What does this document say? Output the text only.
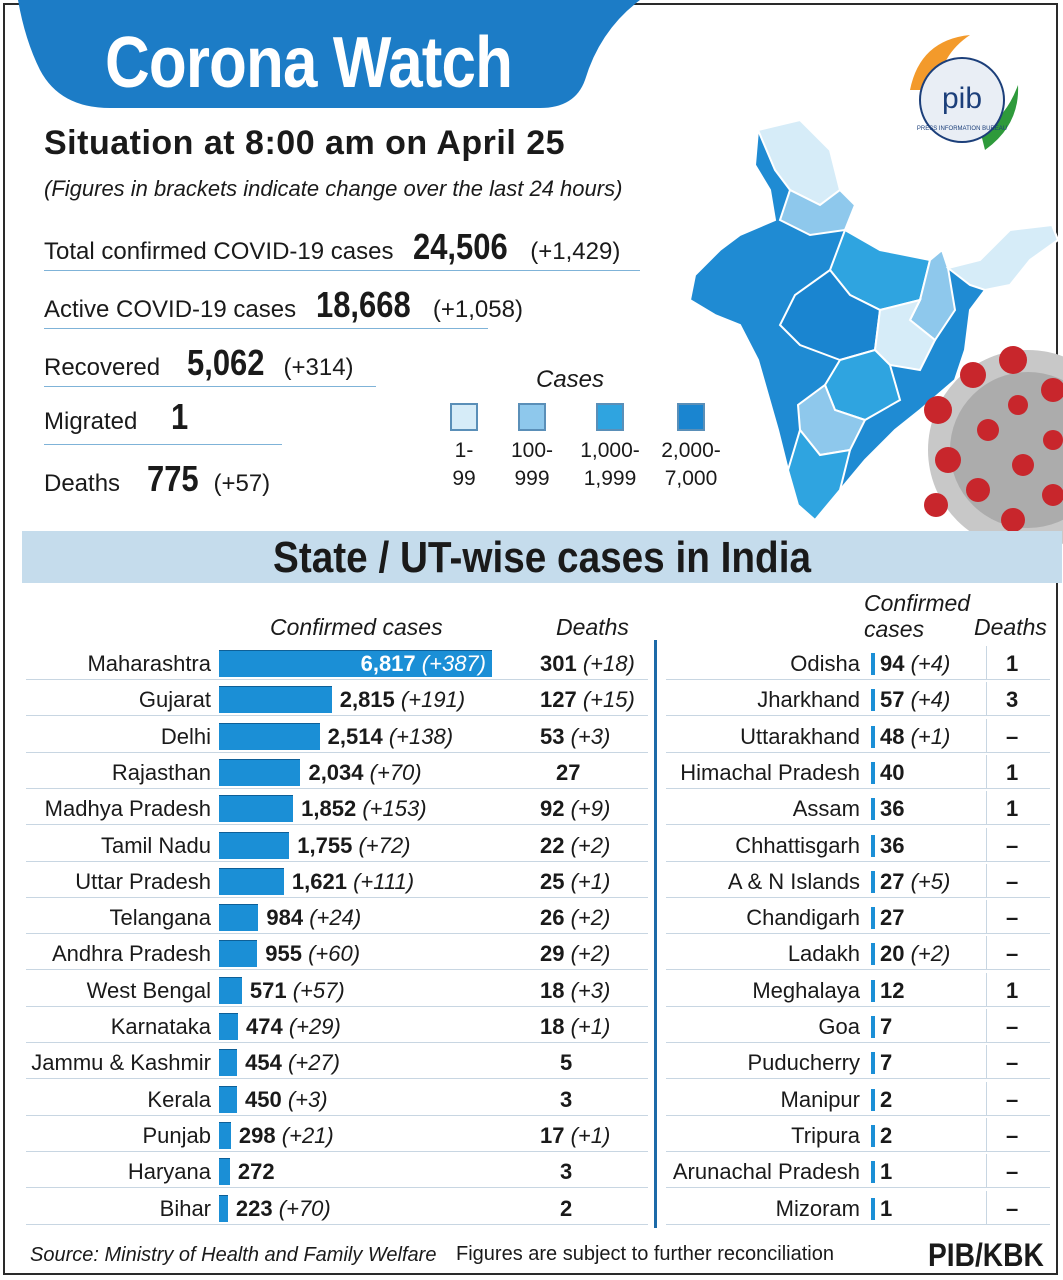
Corona Watch
Situation at 8:00 am on April 25
(Figures in brackets indicate change over the last 24 hours)
Total confirmed COVID-19 cases 24,506 (+1,429)
Active COVID-19 cases 18,668 (+1,058)
Recovered 5,062 (+314)
Migrated 1
Deaths 775 (+57)
Cases
1-
99
100-
999
1,000-
1,999
2,000-
7,000
pib
PRESS INFORMATION BUREAU
State / UT-wise cases in India
Confirmed cases	Deaths
Confirmed
cases	Deaths
Maharashtra	6,817 (+387) 301 (+18)
Gujarat	2,815 (+191)	127 (+15)
Delhi	2,514 (+138)	53 (+3)
Rajasthan	2,034 (+70)	27
Madhya Pradesh	1,852 (+153)	92 (+9)
Tamil Nadu	1,755 (+72)	22 (+2)
Uttar Pradesh	1,621 (+111)	25 (+1)
Telangana	984 (+24)	26 (+2)
Andhra Pradesh 955 (+60)	29 (+2)
West Bengal 571 (+57)	18 (+3)
Karnataka 474 (+29)	18 (+1)
Jammu & Kashmir 454 (+27)	5
Kerala 450 (+3)	3
Punjab 298 (+21)	17 (+1)
Haryana 272	3
Bihar 223 (+70)	2
Odisha 94 (+4)	1
Jharkhand 57 (+4)	3
Uttarakhand 48 (+1)	–
Himachal Pradesh 40	1
Assam 36	1
Chhattisgarh 36	–
A & N Islands 27 (+5)	–
Chandigarh 27	–
Ladakh 20 (+2)	–
Meghalaya 12	1
Goa 7	–
Puducherry 7	–
Manipur 2	–
Tripura 2	–
Arunachal Pradesh 1	–
Mizoram 1	–
Source: Ministry of Health and Family Welfare Figures are subject to further reconciliation	PIB/KBK
